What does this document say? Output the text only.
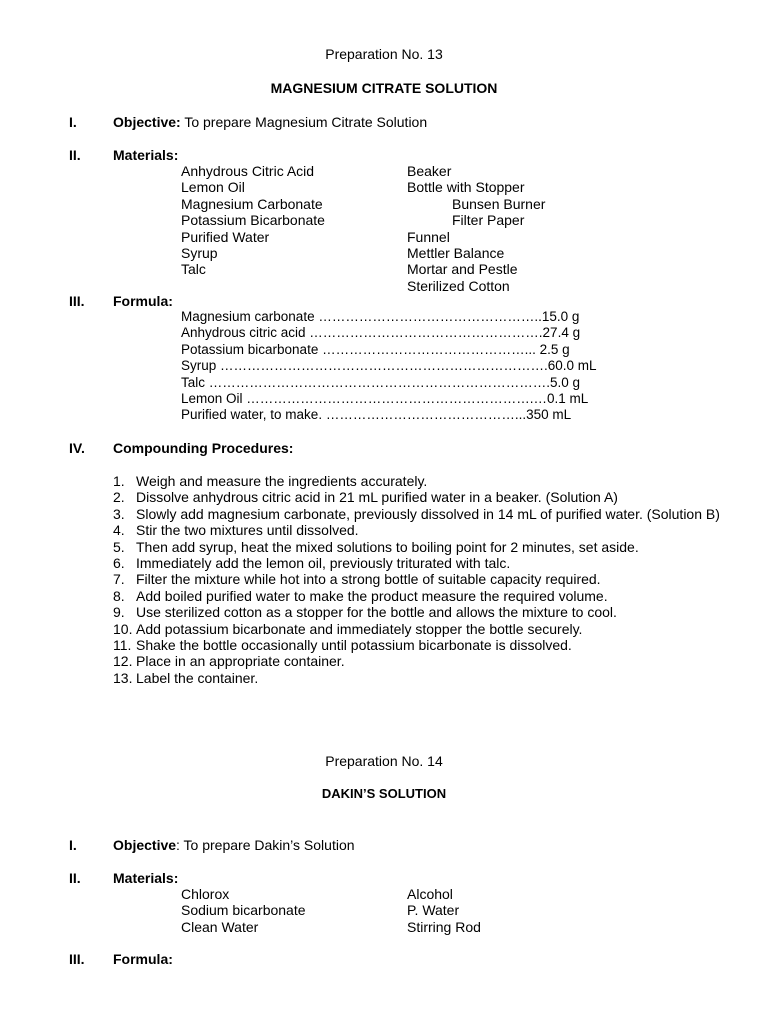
Preparation No. 13
MAGNESIUM CITRATE SOLUTION
I.	Objective: To prepare Magnesium Citrate Solution
II. Materials:
Anhydrous Citric Acid
Lemon Oil
Magnesium Carbonate
Potassium Bicarbonate
Purified Water
Syrup
Talc
Beaker
Bottle with Stopper
Bunsen Burner
Filter Paper
Funnel
Mettler Balance
Mortar and Pestle
Sterilized Cotton
III. Formula:
Magnesium carbonate …………………………………………..15.0 g
Anhydrous citric acid …………………………………………….27.4 g
Potassium bicarbonate ………………………………………... 2.5 g
Syrup ……………………………………………………………….60.0 mL
Talc ………………………………………………………………….5.0 g
Lemon Oil ……………………………………………………….…0.1 mL
Purified water, to make. ……………………………………...350 mL
IV. Compounding Procedures:
1. Weigh and measure the ingredients accurately.
2. Dissolve anhydrous citric acid in 21 mL purified water in a beaker. (Solution A)
3. Slowly add magnesium carbonate, previously dissolved in 14 mL of purified water. (Solution B)
4. Stir the two mixtures until dissolved.
5. Then add syrup, heat the mixed solutions to boiling point for 2 minutes, set aside.
6. Immediately add the lemon oil, previously triturated with talc.
7. Filter the mixture while hot into a strong bottle of suitable capacity required.
8. Add boiled purified water to make the product measure the required volume.
9. Use sterilized cotton as a stopper for the bottle and allows the mixture to cool.
10. Add potassium bicarbonate and immediately stopper the bottle securely.
11. Shake the bottle occasionally until potassium bicarbonate is dissolved.
12. Place in an appropriate container.
13. Label the container.
Preparation No. 14
DAKIN’S SOLUTION
I.	Objective: To prepare Dakin’s Solution
II. Materials:
Chlorox
Sodium bicarbonate
Clean Water
Alcohol
P. Water
Stirring Rod
III. Formula:
